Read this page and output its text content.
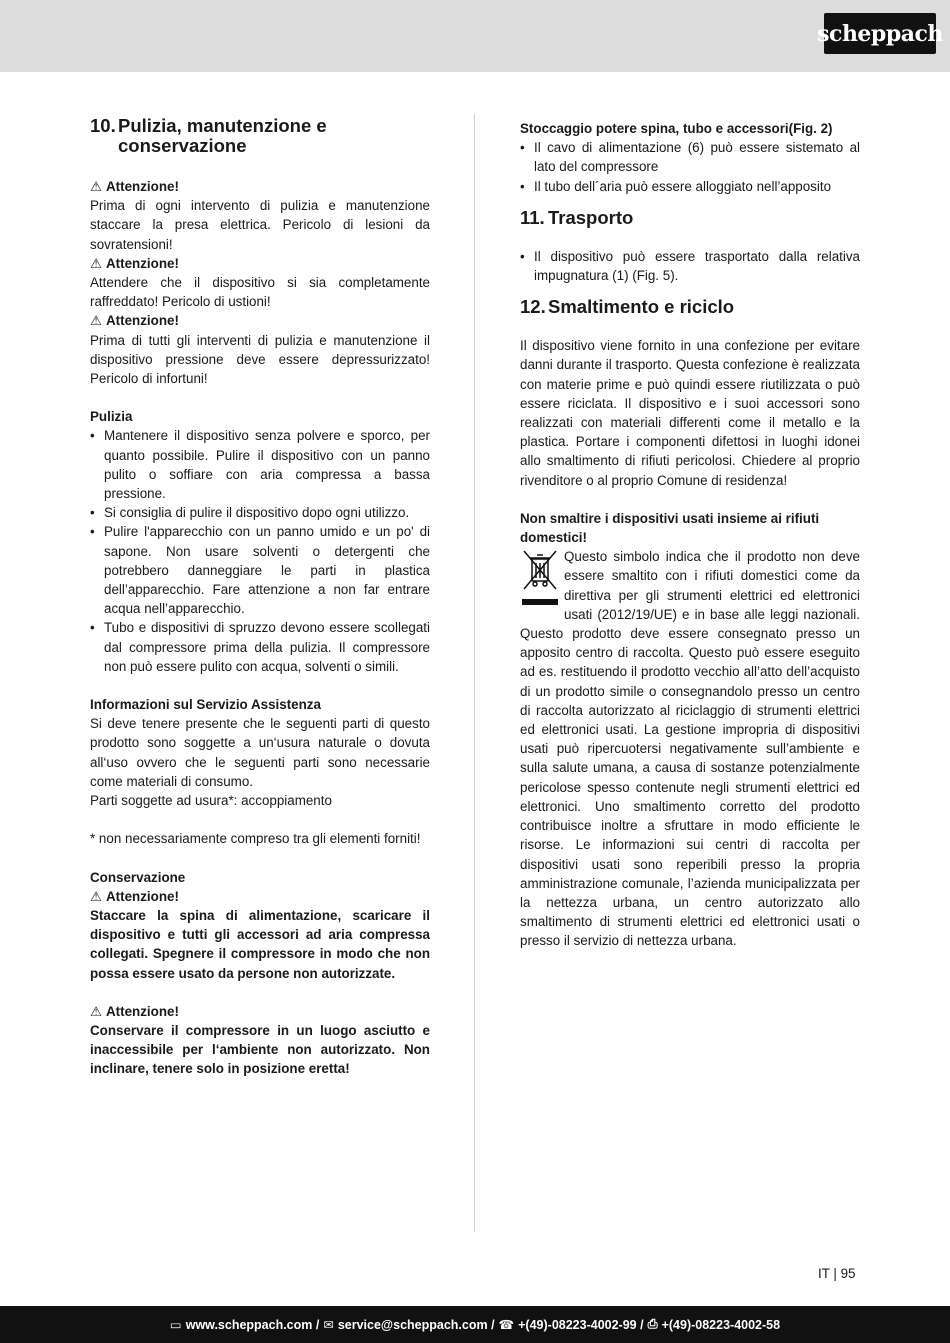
scheppach
10. Pulizia, manutenzione e conservazione

⚠ Attenzione!

Prima di ogni intervento di pulizia e manutenzione staccare la presa elettrica. Pericolo di lesioni da sovratensioni!

⚠ Attenzione!

Attendere che il dispositivo si sia completamente raffreddato! Pericolo di ustioni!

⚠ Attenzione!

Prima di tutti gli interventi di pulizia e manutenzione il dispositivo pressione deve essere depressurizzato! Pericolo di infortuni!

Pulizia

• Mantenere il dispositivo senza polvere e sporco, per quanto possibile. Pulire il dispositivo con un panno pulito o soffiare con aria compressa a bassa pressione.
• Si consiglia di pulire il dispositivo dopo ogni utilizzo.
• Pulire l'apparecchio con un panno umido e un po' di sapone. Non usare solventi o detergenti che potrebbero danneggiare le parti in plastica dell’apparecchio. Fare attenzione a non far entrare acqua nell’apparecchio.
• Tubo e dispositivi di spruzzo devono essere scollegati dal compressore prima della pulizia. Il compressore non può essere pulito con acqua, solventi o simili.

Informazioni sul Servizio Assistenza

Si deve tenere presente che le seguenti parti di questo prodotto sono soggette a un‘usura naturale o dovuta all‘uso ovvero che le seguenti parti sono necessarie come materiali di consumo.

Parti soggette ad usura*: accoppiamento

* non necessariamente compreso tra gli elementi forniti!

Conservazione

⚠ Attenzione!

Staccare la spina di alimentazione, scaricare il dispositivo e tutti gli accessori ad aria compressa collegati. Spegnere il compressore in modo che non possa essere usato da persone non autorizzate.

⚠ Attenzione!

Conservare il compressore in un luogo asciutto e inaccessibile per l‘ambiente non autorizzato. Non inclinare, tenere solo in posizione eretta!

Stoccaggio potere spina, tubo e accessori(Fig. 2)

• Il cavo di alimentazione (6) può essere sistemato al lato del compressore
• Il tubo dell´aria può essere alloggiato nell’apposito
11. Trasporto
• Il dispositivo può essere trasportato dalla relativa impugnatura (1) (Fig. 5).
12. Smaltimento e riciclo

Il dispositivo viene fornito in una confezione per evitare danni durante il trasporto. Questa confezione è realizzata con materie prime e può quindi essere riutilizzata o può essere riciclata. Il dispositivo e i suoi accessori sono realizzati con materiali differenti come il metallo e la plastica. Portare i componenti difettosi in luoghi idonei allo smaltimento di rifiuti pericolosi. Chiedere al proprio rivenditore o al proprio Comune di residenza!

Non smaltire i dispositivi usati insieme ai rifiuti domestici!

Questo simbolo indica che il prodotto non deve essere smaltito con i rifiuti domestici come da direttiva per gli strumenti elettrici ed elettronici usati (2012/19/UE) e in base alle leggi nazionali. Questo prodotto deve essere consegnato presso un apposito centro di raccolta. Questo può essere eseguito ad es. restituendo il prodotto vecchio all’atto dell’acquisto di un prodotto simile o consegnandolo presso un centro di raccolta autorizzato al riciclaggio di strumenti elettrici ed elettronici usati. La gestione impropria di dispositivi usati può ripercuotersi negativamente sull’ambiente e sulla salute umana, a causa di sostanze potenzialmente pericolose spesso contenute negli strumenti elettrici ed elettronici. Uno smaltimento corretto del prodotto contribuisce inoltre a sfruttare in modo efficiente le risorse. Le informazioni sui centri di raccolta per dispositivi usati sono reperibili presso la propria amministrazione comunale, l’azienda municipalizzata per la nettezza urbana, un centro autorizzato allo smaltimento di strumenti elettrici ed elettronici usati o presso il servizio di nettezza urbana.

IT | 95
▭ www.scheppach.com / ✉ service@scheppach.com / ☎ +(49)-08223-4002-99 / ⎙ +(49)-08223-4002-58
